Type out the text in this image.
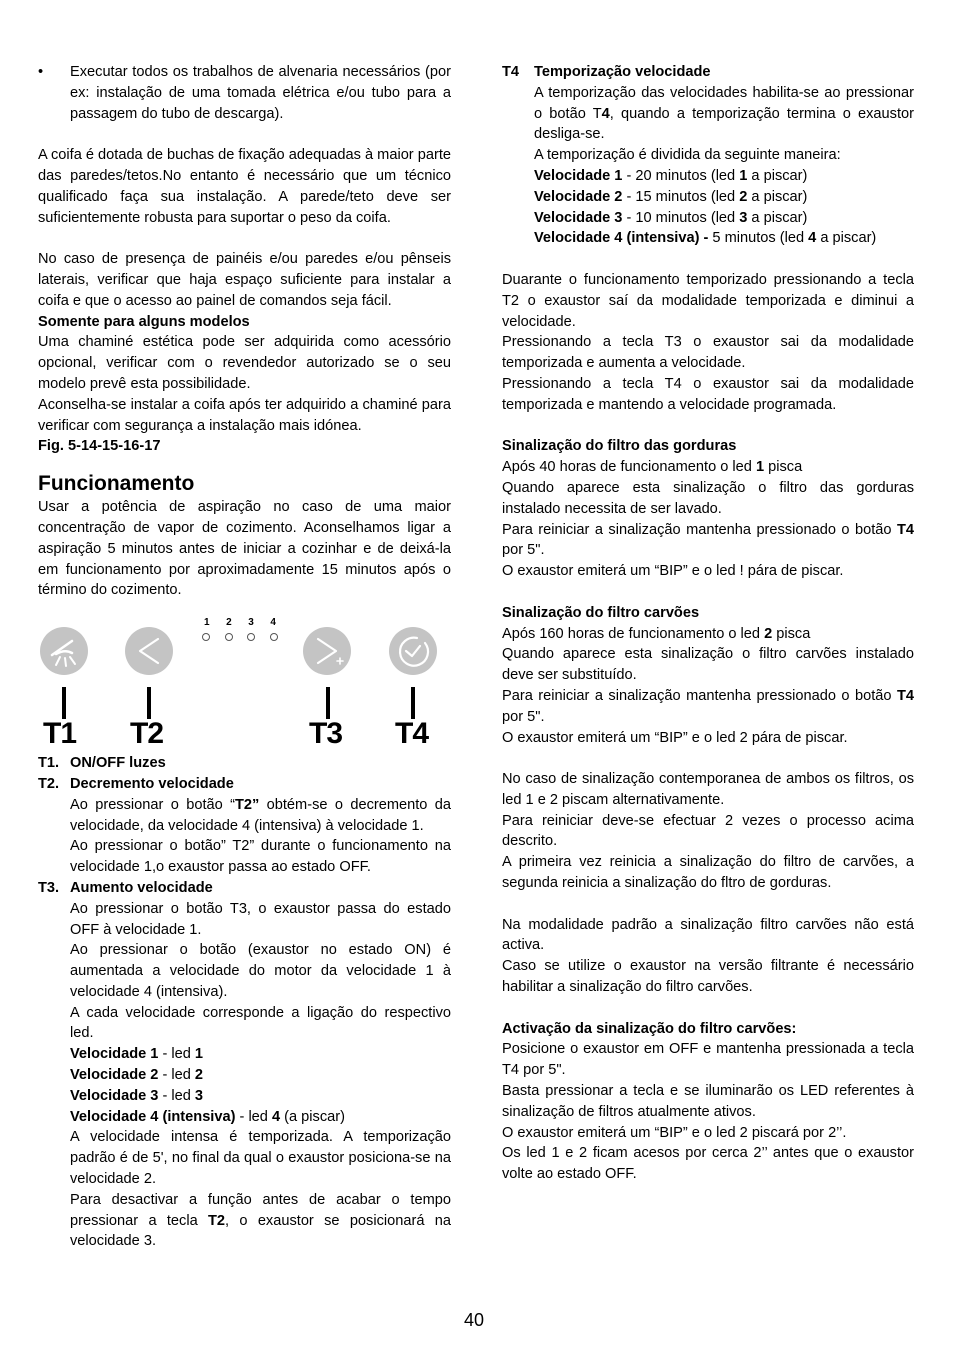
•	Executar todos os trabalhos de alvenaria necessários (por ex: instalação de uma tomada elétrica e/ou tubo para a passagem do tubo de descarga).

A coifa é dotada de buchas de fixação adequadas à maior parte das paredes/tetos.No entanto é necessário que um técnico qualificado faça sua instalação. A parede/teto deve ser suficientemente robusta para suportar o peso da coifa.

No caso de presença de painéis e/ou paredes e/ou pênseis laterais, verificar que haja espaço suficiente para instalar a coifa e que o acesso ao painel de comandos seja fácil.

Somente para alguns modelos

Uma chaminé estética pode ser adquirida como acessório opcional, verificar com o revendedor autorizado se o seu modelo prevê esta possibilidade.

Aconselha-se instalar a coifa após ter adquirido a chaminé para verificar com segurança a instalação mais idónea.

Fig. 5-14-15-16-17

Funcionamento

Usar a potência de aspiração no caso de uma maior concentração de vapor de cozimento. Aconselhamos ligar a aspiração 5 minutos antes de iniciar a cozinhar e de deixá-la em funcionamento por aproximadamente 15 minutos após o término do cozimento.

1 2 3 4
T1 T2	T3 T4
T1. ON/OFF luzes
T2. Decremento velocidade

Ao pressionar o botão “T2” obtém-se o decremento da velocidade, da velocidade 4 (intensiva) à velocidade 1.

Ao pressionar o botão” T2” durante o funcionamento na velocidade 1,o exaustor passa ao estado OFF.

T3. Aumento velocidade

Ao pressionar o botão T3, o exaustor passa do estado OFF à velocidade 1.

Ao pressionar o botão (exaustor no estado ON) é aumentada a velocidade do motor da velocidade 1 à velocidade 4 (intensiva).

A cada velocidade corresponde a ligação do respectivo led.

Velocidade 1 - led 1
Velocidade 2 - led 2
Velocidade 3 - led 3
Velocidade 4 (intensiva) - led 4 (a piscar)

A velocidade intensa é temporizada. A temporização padrão é de 5', no final da qual o exaustor posiciona-se na velocidade 2.

Para desactivar a função antes de acabar o tempo pressionar a tecla T2, o exaustor se posicionará na velocidade 3.

T4	Temporização velocidade

A temporização das velocidades habilita-se ao pressionar o botão T4, quando a temporização termina o exaustor desliga-se.

A temporização é dividida da seguinte maneira:

Velocidade 1 - 20 minutos (led 1 a piscar)
Velocidade 2 - 15 minutos (led 2 a piscar)
Velocidade 3 - 10 minutos (led 3 a piscar)
Velocidade 4 (intensiva) - 5 minutos (led 4 a piscar)

Duarante o funcionamento temporizado pressionando a tecla T2 o exaustor saí da modalidade temporizada e diminui a velocidade.

Pressionando a tecla T3 o exaustor sai da modalidade temporizada e aumenta a velocidade.

Pressionando a tecla T4 o exaustor sai da modalidade temporizada e mantendo a velocidade programada.

Sinalização do filtro das gorduras

Após 40 horas de funcionamento o led 1 pisca

Quando aparece esta sinalização o filtro das gorduras instalado necessita de ser lavado.

Para reiniciar a sinalização mantenha pressionado o botão T4 por 5".

O exaustor emiterá um “BIP” e o led ! pára de piscar.

Sinalização do filtro carvões

Após 160 horas de funcionamento o led 2 pisca

Quando aparece esta sinalização o filtro carvões instalado deve ser substituído.

Para reiniciar a sinalização mantenha pressionado o botão T4 por 5".

O exaustor emiterá um “BIP” e o led 2 pára de piscar.

No caso de sinalização contemporanea de ambos os filtros, os led 1 e 2 piscam alternativamente.

Para reiniciar deve-se efectuar 2 vezes o processo acima descrito.

A primeira vez reinicia a sinalização do filtro de carvões, a segunda reinicia a sinalização do fltro de gorduras.

Na modalidade padrão a sinalização filtro carvões não está activa.

Caso se utilize o exaustor na versão filtrante é necessário habilitar a sinalização do filtro carvões.

Activação da sinalização do filtro carvões:

Posicione o exaustor em OFF e mantenha pressionada a tecla T4 por 5".

Basta pressionar a tecla e se iluminarão os LED referentes à sinalização de filtros atualmente ativos.

O exaustor emiterá um “BIP” e o led 2 piscará por 2’’.

Os led 1 e 2 ficam acesos por cerca 2’’ antes que o exaustor volte ao estado OFF.

40
